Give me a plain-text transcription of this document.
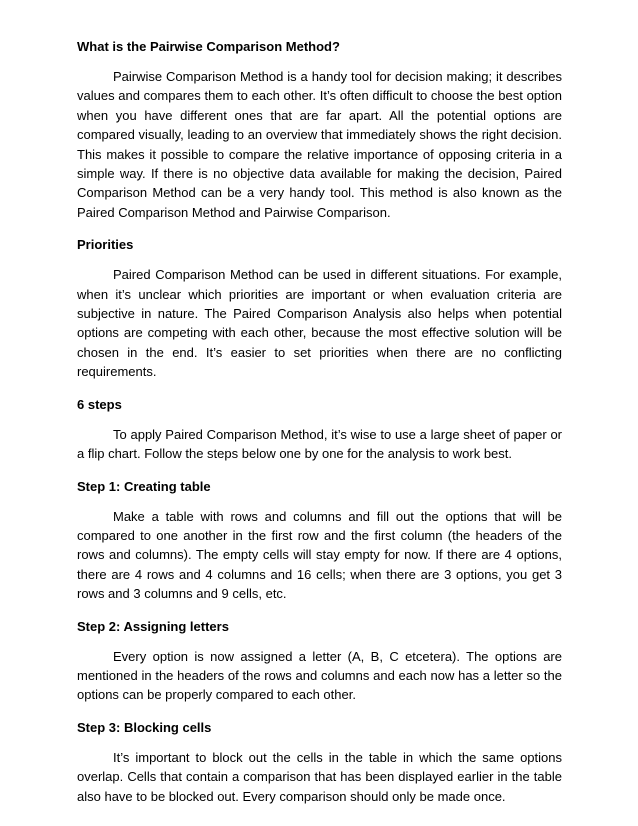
What is the Pairwise Comparison Method?

Pairwise Comparison Method is a handy tool for decision making; it describes values and compares them to each other. It’s often difficult to choose the best option when you have different ones that are far apart. All the potential options are compared visually, leading to an overview that immediately shows the right decision. This makes it possible to compare the relative importance of opposing criteria in a simple way. If there is no objective data available for making the decision, Paired Comparison Method can be a very handy tool. This method is also known as the Paired Comparison Method and Pairwise Comparison.

Priorities

Paired Comparison Method can be used in different situations. For example, when it’s unclear which priorities are important or when evaluation criteria are subjective in nature. The Paired Comparison Analysis also helps when potential options are competing with each other, because the most effective solution will be chosen in the end. It’s easier to set priorities when there are no conflicting requirements.

6 steps

To apply Paired Comparison Method, it’s wise to use a large sheet of paper or a flip chart. Follow the steps below one by one for the analysis to work best.

Step 1: Creating table

Make a table with rows and columns and fill out the options that will be compared to one another in the first row and the first column (the headers of the rows and columns). The empty cells will stay empty for now. If there are 4 options, there are 4 rows and 4 columns and 16 cells; when there are 3 options, you get 3 rows and 3 columns and 9 cells, etc.

Step 2: Assigning letters

Every option is now assigned a letter (A, B, C etcetera). The options are mentioned in the headers of the rows and columns and each now has a letter so the options can be properly compared to each other.

Step 3: Blocking cells

It’s important to block out the cells in the table in which the same options overlap. Cells that contain a comparison that has been displayed earlier in the table also have to be blocked out. Every comparison should only be made once.
